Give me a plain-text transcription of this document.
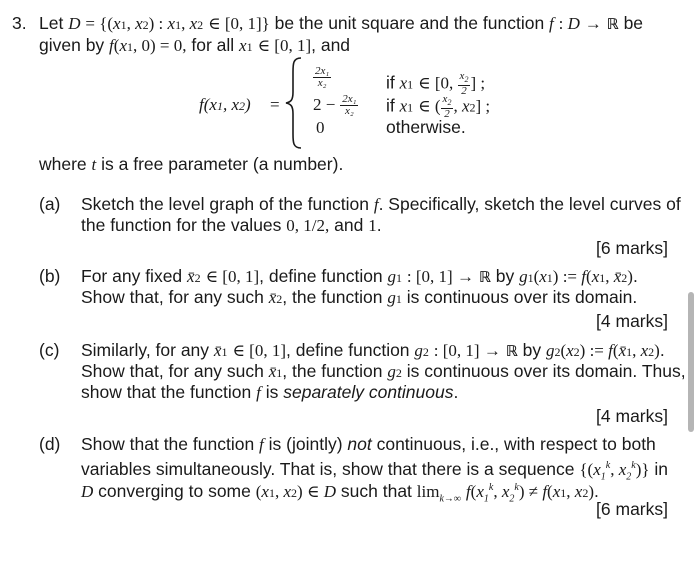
3. Let D = {(x1, x2) : x1, x2 ∈ [0, 1]} be the unit square and the function f : D → ℝ be
given by f(x1, 0) = 0, for all x1 ∈ [0, 1], and
f(x1, x2) =
$\frac{\text{2x₁}}{\text{x₂}}$	if x1 ∈ [0, $\frac{x_2}{2}$ ] ;
$2 - \frac{\text{2x₁}}{\text{x₂}}$ if x1 ∈ ( $\frac{x_2}{2}$ , x2] ;
0	otherwise.
where t is a free parameter (a number).
(a) Sketch the level graph of the function f. Specifically, sketch the level curves of
the function for the values 0, 1/2, and 1.
[6 marks]
(b) For any fixed x̄2 ∈ [0, 1], define function g1 : [0, 1] → ℝ by g1(x1) := f(x1, x̄2).
Show that, for any such x̄2, the function g1 is continuous over its domain.
[4 marks]
(c) Similarly, for any x̄1 ∈ [0, 1], define function g2 : [0, 1] → ℝ by g2(x2) := f(x̄1, x2).
Show that, for any such x̄1, the function g2 is continuous over its domain. Thus,
show that the function f is separately continuous.
[4 marks]
(d) Show that the function f is (jointly) not continuous, i.e., with respect to both
variables simultaneously. That is, show that there is a sequence {($x_1^k$, $x_2^k$)} in
D converging to some (x1, x2) ∈ D such that $\lim_{k\to\infty} f(x_1^k$, $x_2^k) \ne f(x1$, x2).
[6 marks]
